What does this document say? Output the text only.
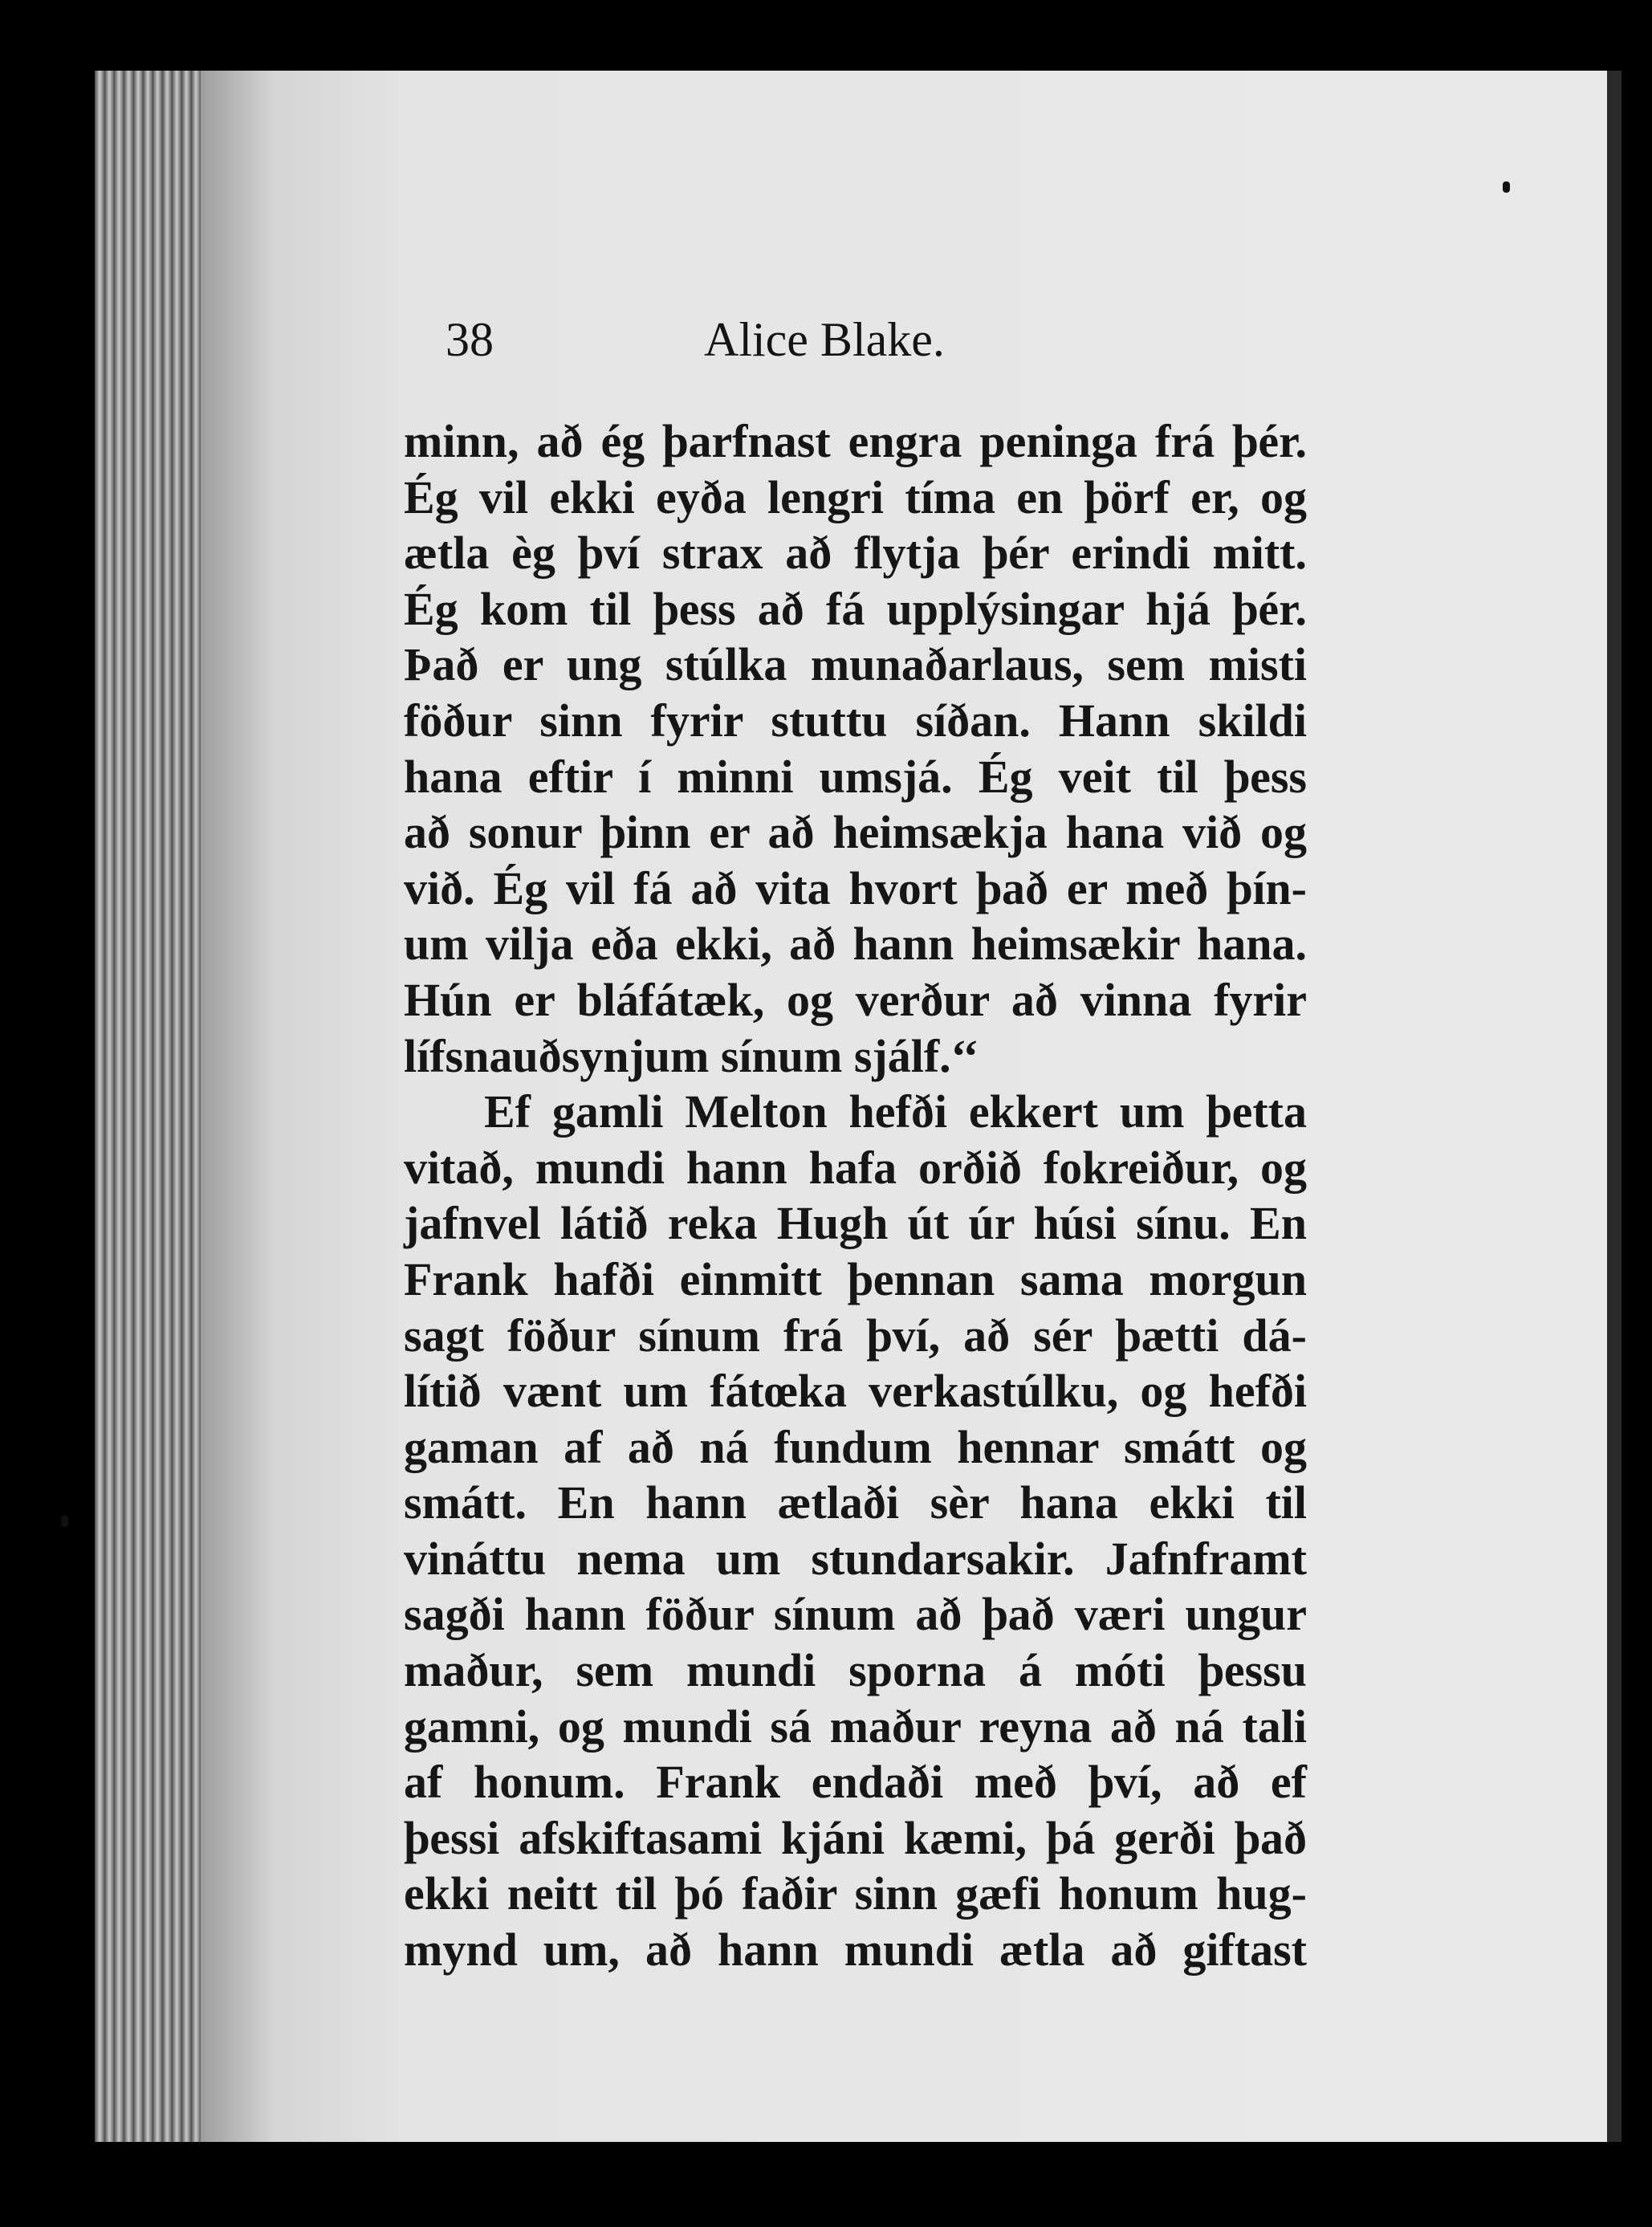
38	Alice Blake.
minn, að ég þarfnast engra peninga frá þér.
Ég vil ekki eyða lengri tíma en þörf er, og
ætla èg því strax að flytja þér erindi mitt.
Ég kom til þess að fá upplýsingar hjá þér.
Það er ung stúlka munaðarlaus, sem misti
föður sinn fyrir stuttu síðan. Hann skildi
hana eftir í minni umsjá. Ég veit til þess
að sonur þinn er að heimsækja hana við og
við. Ég vil fá að vita hvort það er með þín-
um vilja eða ekki, að hann heimsækir hana.
Hún er bláfátæk, og verður að vinna fyrir
lífsnauðsynjum sínum sjálf.‘‘
Ef gamli Melton hefði ekkert um þetta
vitað, mundi hann hafa orðið fokreiður, og
jafnvel látið reka Hugh út úr húsi sínu. En
Frank hafði einmitt þennan sama morgun
sagt föður sínum frá því, að sér þætti dá-
lítið vænt um fátœka verkastúlku, og hefði
gaman af að ná fundum hennar smátt og
smátt. En hann ætlaði sèr hana ekki til
vináttu nema um stundarsakir. Jafnframt
sagði hann föður sínum að það væri ungur
maður, sem mundi sporna á móti þessu
gamni, og mundi sá maður reyna að ná tali
af honum. Frank endaði með því, að ef
þessi afskiftasami kjáni kæmi, þá gerði það
ekki neitt til þó faðir sinn gæfi honum hug-
mynd um, að hann mundi ætla að giftast
